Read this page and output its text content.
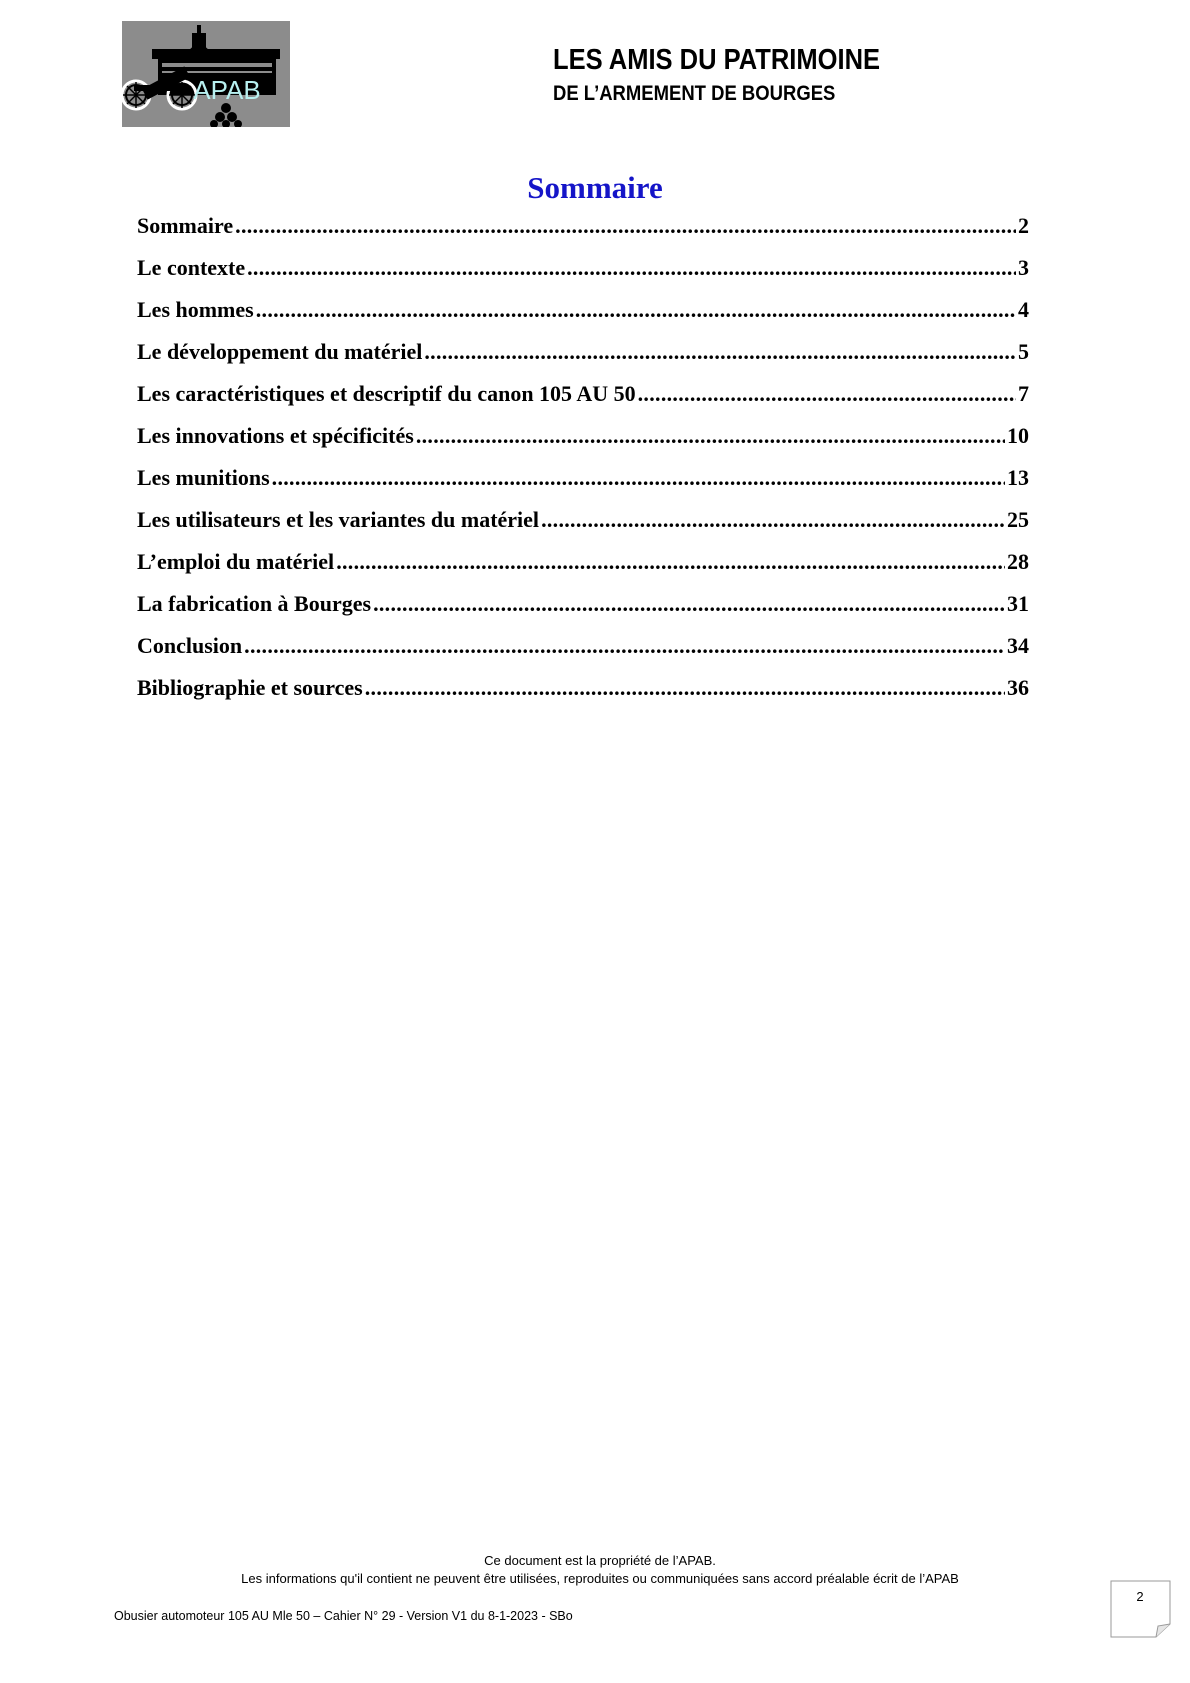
APAB
LES AMIS DU PATRIMOINE
DE L’ARMEMENT DE BOURGES
Sommaire
Sommaire .....	2
Le contexte .....	3
Les hommes .....	4
Le développement du matériel .....	5
Les caractéristiques et descriptif du canon 105 AU 50 .....	7
Les innovations et spécificités .....	10
Les munitions .....	13
Les utilisateurs et les variantes du matériel .....	25
L’emploi du matériel .....	28
La fabrication à Bourges .....	31
Conclusion .....	34
Bibliographie et sources .....	36
Ce document est la propriété de l’APAB.
Les informations qu'il contient ne peuvent être utilisées, reproduites ou communiquées sans accord préalable écrit de l’APAB
Obusier automoteur 105 AU Mle 50 – Cahier N° 29 - Version V1 du 8-1-2023 - SBo
2
